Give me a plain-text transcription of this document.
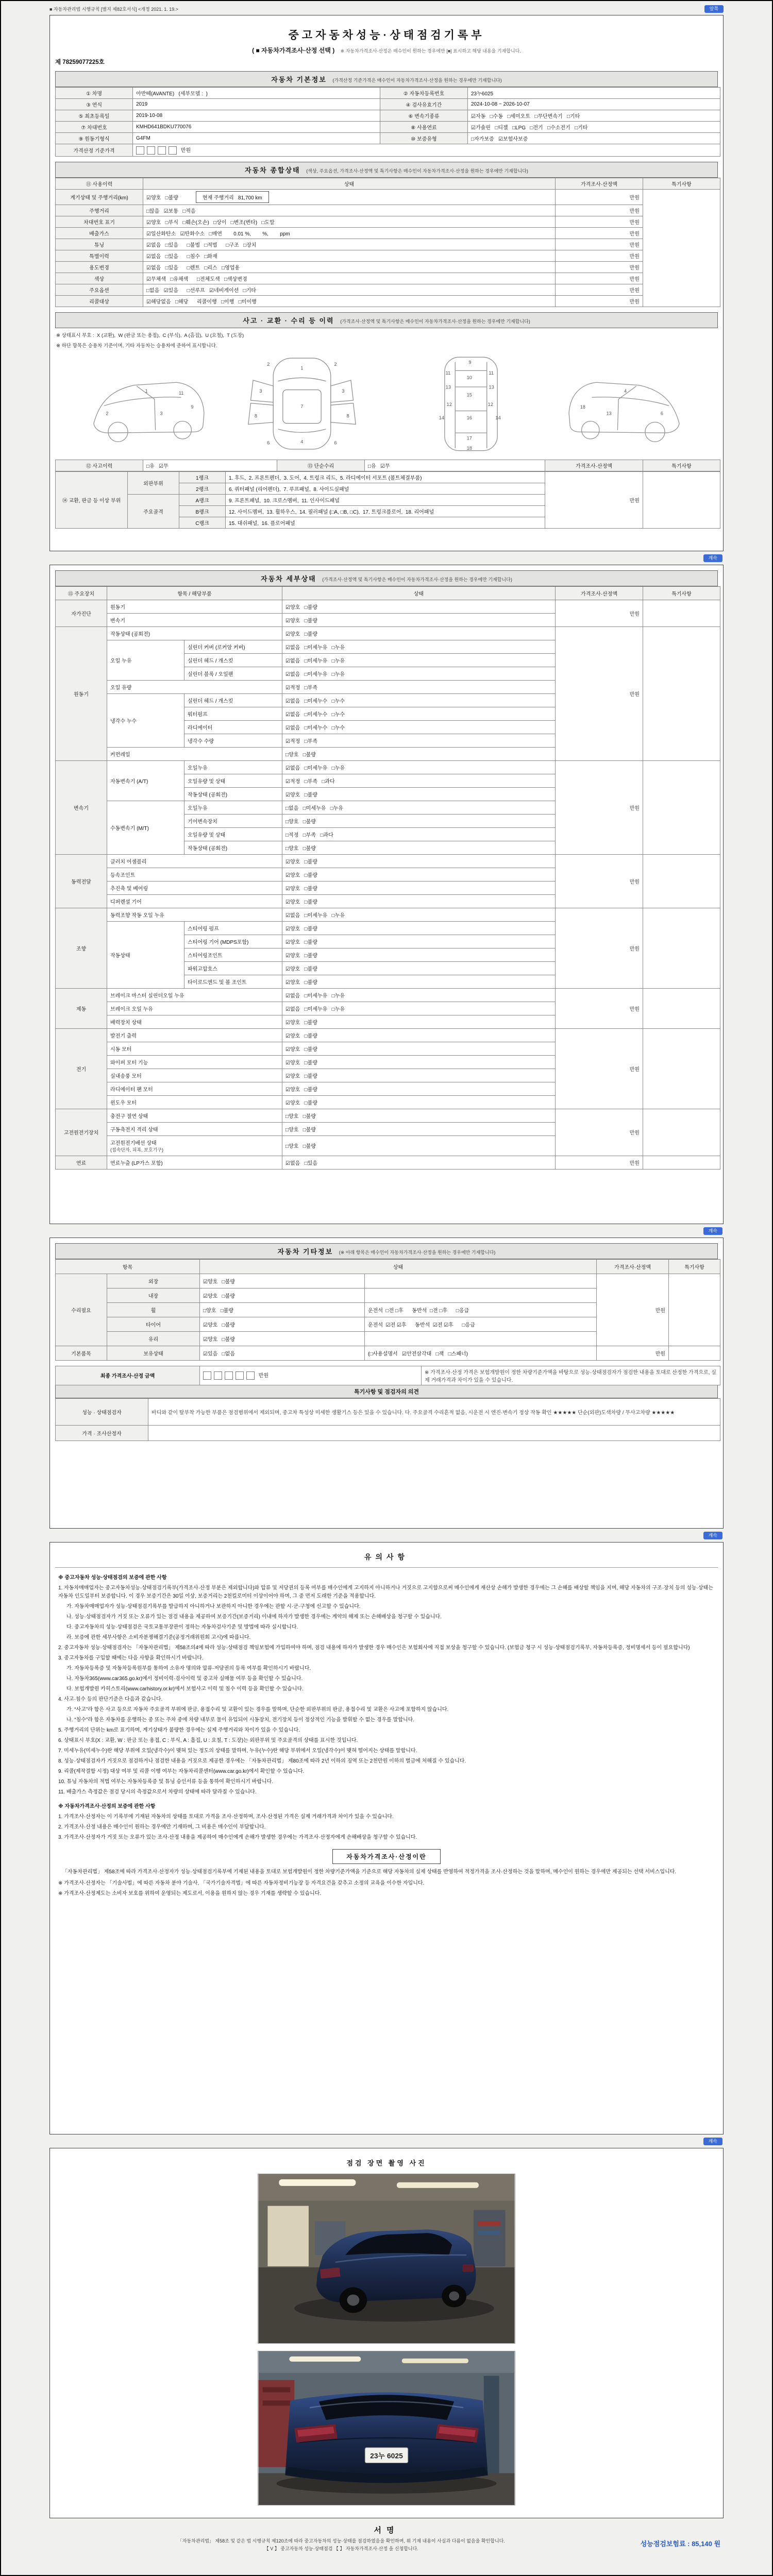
■ 자동차관리법 시행규칙 [별지 제82호서식] <개정 2021. 1. 19.>	앞쪽
중고자동차성능·상태점검기록부
( ■ 자동차가격조사·산정 선택 ) ※ 자동차가격조사·산정은 매수인이 원하는 경우에만 [■] 표시하고 해당 내용을 기재합니다.
제 78259077225호
자동차 기본정보 (가격산정 기준가격은 매수인이 자동차가격조사·산정을 원하는 경우에만 기재합니다)
① 차명	아반떼(AVANTE)   (세부모델 :  )	② 자동차등록번호	23누6025
③ 연식	2019	④ 검사유효기간	2024-10-08 ~ 2026-10-07
⑤ 최초등록일	2019-10-08	⑥ 변속기종류	☑자동   □수동   □세미오토   □무단변속기   □기타
⑦ 차대번호	KMHD641BDKU770076	⑧ 사용연료	☑가솔린   □디젤   □LPG   □전기   □수소전기   □기타
⑨ 원동기형식	G4FM	⑩ 보증유형	□자가보증   ☑보험사보증
가격산정 기준가격	만원		
자동차 종합상태 (색상, 주요옵션, 가격조사·산정액 및 특기사항은 매수인이 자동차가격조사·산정을 원하는 경우에만 기재합니다)
⑪ 사용이력	상태	가격조사·산정액	특기사항
계기상태 및 주행거리(km)	☑양호   □불량 현재 주행거리   81,700 km	만원	
주행거리	□많음   ☑보통   □적음	만원	
차대번호 표기	☑양호   □부식   □훼손(오손)   □상이   □변조(변타)   □도말	만원	
배출가스	☑일산화탄소   ☑탄화수소   □매연        0.01 %,        %,        ppm	만원	
튜닝	☑없음   □있음      □불법   □적법      □구조   □장치	만원	
특별이력	☑없음   □있음      □침수   □화재	만원	
용도변경	☑없음   □있음      □렌트   □리스   □영업용	만원	
색상	☑무채색   □유채색      □전체도색   □색상변경	만원	
주요옵션	□없음   ☑있음      □선루프   ☑네비게이션   □기타	만원	
리콜대상	☑해당없음   □해당      리콜이행   □이행   □미이행	만원	
사고 · 교환 · 수리 등 이력 (가격조사·산정액 및 특기사항은 매수인이 자동차가격조사·산정을 원하는 경우에만 기재합니다)
※ 상태표시 부호 :  X (교환),  W (판금 또는 용접),  C (부식),  A (흠집),  U (요철),  T (도장)
※ 하단 항목은 승용차 기준이며, 기타 자동차는 승용차에 준하여 표시합니다.
1
2	3
9
11
1
2	2
3	3
7
4
6	6
8	8
9
10
11	11
12	12
13	13
14	14
15
16
17
18
4
6
13
18
⑫ 사고이력	□유   ☑무	⑬ 단순수리	□유   ☑무	가격조사·산정액	특기사항
⑭ 교환, 판금 등 이상 부위	외판부위	1랭크	1. 후드,  2. 프론트펜더,  3. 도어,  4. 트렁크 리드,  5. 라디에이터 서포트 (볼트체결부품)	만원	
		2랭크	6. 쿼터패널 (리어펜더),  7. 루프패널,  8. 사이드실패널		
	주요골격	A랭크	9. 프론트패널,  10. 크로스멤버,  11. 인사이드패널		
		B랭크	12. 사이드멤버,  13. 휠하우스,  14. 필러패널 (□A, □B, □C),  17. 트렁크플로어,  18. 리어패널		
		C랭크	15. 대쉬패널,  16. 플로어패널		
계속
자동차 세부상태 (가격조사·산정액 및 특기사항은 매수인이 자동차가격조사·산정을 원하는 경우에만 기재합니다)
⑮ 주요장치	항목 / 해당부품		상태	가격조사·산정액	특기사항
자가진단	원동기		☑양호   □불량	만원	
	변속기		☑양호   □불량		
원동기	작동상태 (공회전)		☑양호   □불량	만원	
	오일 누유	실린더 커버 (로커암 커버)	☑없음   □미세누유   □누유		
		실린더 헤드 / 개스킷	☑없음   □미세누유   □누유		
		실린더 블록 / 오일팬	☑없음   □미세누유   □누유		
	오일 유량		☑적정   □부족		
	냉각수 누수	실린더 헤드 / 개스킷	☑없음   □미세누수   □누수		
		워터펌프	☑없음   □미세누수   □누수		
		라디에이터	☑없음   □미세누수   □누수		
		냉각수 수량	☑적정   □부족		
	커먼레일		□양호   □불량		
변속기	자동변속기 (A/T)	오일누유	☑없음   □미세누유   □누유	만원	
		오일유량 및 상태	☑적정   □부족   □과다		
		작동상태 (공회전)	☑양호   □불량		
	수동변속기 (M/T)	오일누유	□없음   □미세누유   □누유		
		기어변속장치	□양호   □불량		
		오일유량 및 상태	□적정   □부족   □과다		
		작동상태 (공회전)	□양호   □불량		
동력전달	클러치 어셈블리		☑양호   □불량	만원	
	등속조인트		☑양호   □불량		
	추진축 및 베어링		☑양호   □불량		
	디퍼렌셜 기어		☑양호   □불량		
조향	동력조향 작동 오일 누유		☑없음   □미세누유   □누유	만원	
	작동상태	스티어링 펌프	☑양호   □불량		
		스티어링 기어 (MDPS포함)	☑양호   □불량		
		스티어링조인트	☑양호   □불량		
		파워고압호스	☑양호   □불량		
		타이로드엔드 및 볼 조인트	☑양호   □불량		
제동	브레이크 마스터 실린더오일 누유		☑없음   □미세누유   □누유	만원	
	브레이크 오일 누유		☑없음   □미세누유   □누유		
	배력장치 상태		☑양호   □불량		
전기	발전기 출력		☑양호   □불량	만원	
	시동 모터		☑양호   □불량		
	와이퍼 모터 기능		☑양호   □불량		
	실내송풍 모터		☑양호   □불량		
	라디에이터 팬 모터		☑양호   □불량		
	윈도우 모터		☑양호   □불량		
고전원전기장치	충전구 절연 상태		□양호   □불량	만원	
	구동축전지 격리 상태		□양호   □불량		

	고전원전기배선 상태
(접속단자, 피복, 보호기구)		□양호   □불량		
연료	연료누출 (LP가스 포함)		☑없음   □있음	만원	
계속
자동차 기타정보 (※ 아래 항목은 매수인이 자동차가격조사·산정을 원하는 경우에만 기재합니다)
항목		상태		가격조사·산정액	특기사항
수리필요	외장	☑양호   □불량		만원	
	내장	☑양호   □불량			
	휠	□양호   □불량	운전석  □전 □후      동반석  □전 □후      □응급		
	타이어	☑양호   □불량	운전석  ☑전 ☑후      동반석  ☑전 ☑후      □응급		
	유리	☑양호   □불량			
기본품목	보유상태	☑있음   □없음	(□사용설명서   ☑안전삼각대   □잭   □스패너)	만원	
최종 가격조사·산정 금액	만원	※ 가격조사·산정 가격은 보험개발원이 정한 차량기준가액을 바탕으로 성능·상태점검자가 점검한 내용을 토대로 산정한 가격으로, 실제 거래가격과 차이가 있을 수 있습니다.
특기사항 및 점검자의 의견
성능 · 상태점검자	바디와 같이 탈부착 가능한 부품은 점검범위에서 제외되며, 중고차 특성상 미세한 생활기스 등은 있을 수 있습니다. 다. 주요골격 수리흔적 없음, 시운전 시 엔진·변속기 정상 작동 확인 ★★★★★ 단순(외판)도색차량 / 무사고차량 ★★★★★
가격 · 조사산정자	
계속
유의사항
※ 중고자동차 성능·상태점검의 보증에 관한 사항
1. 자동차매매업자는 중고자동차성능·상태점검기록부(가격조사·산정 부분은 제외합니다)와 압류 및 저당권의 등록 여부를 매수인에게 고지하지 아니하거나 거짓으로 고지함으로써 매수인에게 재산상 손해가 발생한 경우에는 그 손해를 배상할 책임을 지며, 해당 자동차의 구조·장치 등의 성능·상태는 자동차 인도일부터 보증합니다. 이 경우 보증기간은 30일 이상, 보증거리는 2천킬로미터 이상이어야 하며, 그 중 먼저 도래한 기준을 적용합니다.
가. 자동차매매업자가 성능·상태점검기록부를 발급하지 아니하거나 보관하지 아니한 경우에는 관할 시·군·구청에 신고할 수 있습니다.
나. 성능·상태점검자가 거짓 또는 오류가 있는 점검 내용을 제공하여 보증기간(보증거리) 이내에 하자가 발생한 경우에는 계약의 해제 또는 손해배상을 청구할 수 있습니다.
다. 중고자동차의 성능·상태점검은 국토교통부장관이 정하는 자동차검사기준 및 방법에 따라 실시합니다.
라. 보증에 관한 세부사항은 소비자분쟁해결기준(공정거래위원회 고시)에 따릅니다.
2. 중고자동차 성능·상태점검자는 「자동차관리법」 제58조의4에 따라 성능·상태점검 책임보험에 가입하여야 하며, 점검 내용에 하자가 발생한 경우 매수인은 보험회사에 직접 보상을 청구할 수 있습니다. (보험금 청구 시 성능·상태점검기록부, 자동차등록증, 정비명세서 등이 필요합니다)
3. 중고자동차를 구입할 때에는 다음 사항을 확인하시기 바랍니다.
가. 자동차등록증 및 자동차등록원부를 통하여 소유자 명의와 압류·저당권의 등록 여부를 확인하시기 바랍니다.
나. 자동차365(www.car365.go.kr)에서 정비이력·검사이력 및 중고차 실매물 여부 등을 확인할 수 있습니다.
다. 보험개발원 카히스토리(www.carhistory.or.kr)에서 보험사고 이력 및 침수 이력 등을 확인할 수 있습니다.
4. 사고·침수 등의 판단기준은 다음과 같습니다.
가. “사고”라 함은 사고 등으로 자동차 주요골격 부위에 판금, 용접수리 및 교환이 있는 경우를 말하며, 단순한 외판부위의 판금, 용접수리 및 교환은 사고에 포함하지 않습니다.
나. “침수”라 함은 자동차를 운행하는 중 또는 주차 중에 차량 내부로 물이 유입되어 시동장치, 전기장치 등이 정상적인 기능을 발휘할 수 없는 경우를 말합니다.
5. 주행거리의 단위는 km로 표기하며, 계기상태가 불량한 경우에는 실제 주행거리와 차이가 있을 수 있습니다.
6. 상태표시 부호(X : 교환, W : 판금 또는 용접, C : 부식, A : 흠집, U : 요철, T : 도장)는 외판부위 및 주요골격의 상태를 표시한 것입니다.
7. 미세누유(미세누수)란 해당 부위에 오일(냉각수)이 맺혀 있는 정도의 상태를 말하며, 누유(누수)란 해당 부위에서 오일(냉각수)이 맺혀 떨어지는 상태를 말합니다.
8. 성능·상태점검자가 거짓으로 점검하거나 점검한 내용을 거짓으로 제공한 경우에는 「자동차관리법」 제80조에 따라 2년 이하의 징역 또는 2천만원 이하의 벌금에 처해질 수 있습니다.
9. 리콜(제작결함 시정) 대상 여부 및 리콜 이행 여부는 자동차리콜센터(www.car.go.kr)에서 확인할 수 있습니다.
10. 튜닝 자동차의 적법 여부는 자동차등록증 및 튜닝 승인서류 등을 통하여 확인하시기 바랍니다.
11. 배출가스 측정값은 점검 당시의 측정값으로서 차량의 상태에 따라 달라질 수 있습니다.
※ 자동차가격조사·산정의 보증에 관한 사항
1. 가격조사·산정자는 이 기록부에 기재된 자동차의 상태를 토대로 가격을 조사·산정하며, 조사·산정된 가격은 실제 거래가격과 차이가 있을 수 있습니다.
2. 가격조사·산정 내용은 매수인이 원하는 경우에만 기재하며, 그 비용은 매수인이 부담합니다.
3. 가격조사·산정자가 거짓 또는 오류가 있는 조사·산정 내용을 제공하여 매수인에게 손해가 발생한 경우에는 가격조사·산정자에게 손해배상을 청구할 수 있습니다.
자동차가격조사·산정이란
「자동차관리법」 제58조에 따라 가격조사·산정자가 성능·상태점검기록부에 기재된 내용을 토대로 보험개발원이 정한 차량기준가액을 기준으로 해당 자동차의 실제 상태를 반영하여 적정가격을 조사·산정하는 것을 말하며, 매수인이 원하는 경우에만 제공되는 선택 서비스입니다.
※ 가격조사·산정자는 「기술사법」에 따른 자동차 분야 기술사, 「국가기술자격법」에 따른 자동차정비기능장 등 자격요건을 갖추고 소정의 교육을 이수한 자입니다.
※ 가격조사·산정제도는 소비자 보호를 위하여 운영되는 제도로서, 이용을 원하지 않는 경우 기재를 생략할 수 있습니다.
계속
점검 장면 촬영 사진
23누 6025
서명
「자동차관리법」 제58조 및 같은 법 시행규칙 제120조에 따라 중고자동차의 성능·상태를 점검하였음을 확인하며, 위 기재 내용이 사실과 다름이 없음을 확인합니다.
【 V 】 중고자동차 성능·상태점검 【 】 자동차가격조사·산정 을 신청합니다.
성능점검보험료 : 85,140 원
